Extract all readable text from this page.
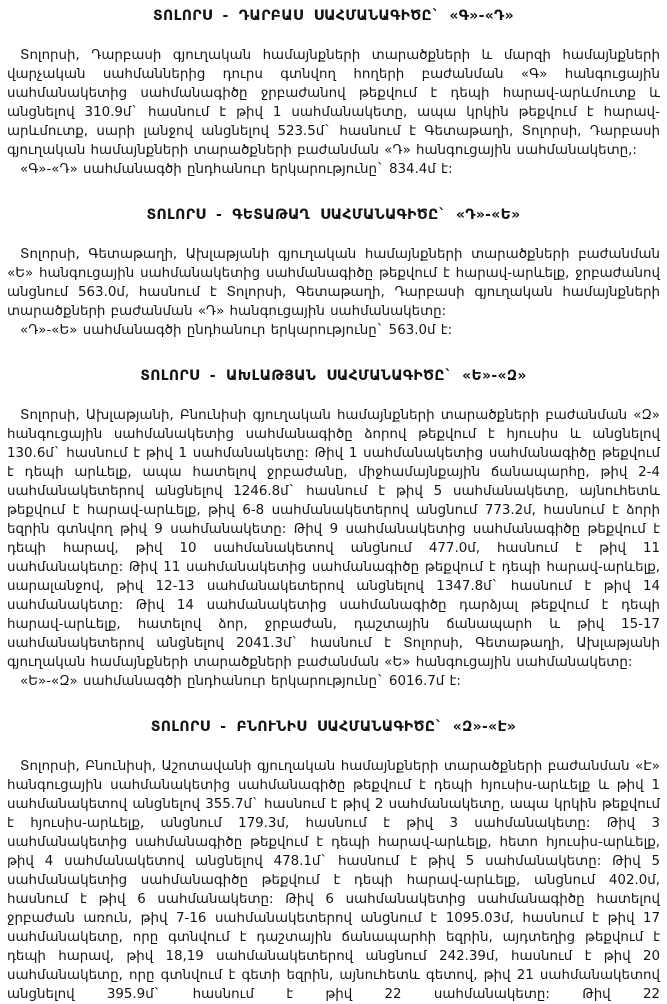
ՏՈԼՈՐՍ - ԴԱՐԲԱՍ ՍԱՀՄԱՆԱԳԻԾԸ` «Գ»-«Դ»

Տոլորսի, Դարբասի գյուղական համայնքների տարածքների և մարզի համայնքների վարչական սահմաններից դուրս գտնվող հողերի բաժանման «Գ» հանգուցային սահմանակետից սահմանագիծը ջրբաժանով թեքվում է դեպի հարավ-արևմուտք և անցնելով 310.9մ` հասնում է թիվ 1 սահմանակետը, ապա կրկին թեքվում է հարավ-արևմուտք, սարի լանջով անցնելով 523.5մ` հասնում է Գետաթաղի, Տոլորսի, Դարբասի գյուղական համայնքների տարածքների բաժանման «Դ» հանգուցային սահմանակետը,:

«Գ»-«Դ» սահմանագծի ընդհանուր երկարությունը` 834.4մ է:

ՏՈԼՈՐՍ - ԳԵՏԱԹԱՂ ՍԱՀՄԱՆԱԳԻԾԸ` «Դ»-«Ե»

Տոլորսի, Գետաթաղի, Ախլաթյանի գյուղական համայնքների տարածքների բաժանման «Ե» հանգուցային սահմանակետից սահմանագիծը թեքվում է հարավ-արևելք, ջրբաժանով անցնում 563.0մ, հասնում է Տոլորսի, Գետաթաղի, Դարբասի գյուղական համայնքների տարածքների բաժանման «Դ» հանգուցային սահմանակետը:

«Դ»-«Ե» սահմանագծի ընդհանուր երկարությունը` 563.0մ է:

ՏՈԼՈՐՍ - ԱԽԼԱԹՅԱՆ ՍԱՀՄԱՆԱԳԻԾԸ` «Ե»-«Զ»

Տոլորսի, Ախլաթյանի, Բնունիսի գյուղական համայնքների տարածքների բաժանման «Զ» հանգուցային սահմանակետից սահմանագիծը ձորով թեքվում է հյուսիս և անցնելով 130.6մ` հասնում է թիվ 1 սահմանակետը: Թիվ 1 սահմանակետից սահմանագիծը թեքվում է դեպի արևելք, ապա հատելով ջրբաժանը, միջհամայնքային ճանապարհը, թիվ 2-4 սահմանակետերով անցնելով 1246.8մ` հասնում է թիվ 5 սահմանակետը, այնուհետև թեքվում է հարավ-արևելք, թիվ 6-8 սահմանակետերով անցնում 773.2մ, հասնում է ձորի եզրին գտնվող թիվ 9 սահմանակետը: Թիվ 9 սահմանակետից սահմանագիծը թեքվում է դեպի հարավ, թիվ 10 սահմանակետով անցնում 477.0մ, հասնում է թիվ 11 սահմանակետը: Թիվ 11 սահմանակետից սահմանագիծը թեքվում է դեպի հարավ-արևելք, սարալանջով, թիվ 12-13 սահմանակետերով անցնելով 1347.8մ` հասնում է թիվ 14 սահմանակետը: Թիվ 14 սահմանակետից սահմանագիծը դարձյալ թեքվում է դեպի հարավ-արևելք, հատելով ձոր, ջրբաժան, դաշտային ճանապարհ և թիվ 15-17 սահմանակետերով անցնելով 2041.3մ` հասնում է Տոլորսի, Գետաթաղի, Ախլաթյանի գյուղական համայնքների տարածքների բաժանման «Ե» հանգուցային սահմանակետը:

«Ե»-«Զ» սահմանագծի ընդհանուր երկարությունը` 6016.7մ է:

ՏՈԼՈՐՍ - ԲՆՈՒՆԻՍ ՍԱՀՄԱՆԱԳԻԾԸ` «Զ»-«Է»

Տոլորսի, Բնունիսի, Աշոտավանի գյուղական համայնքների տարածքների բաժանման «Է» հանգուցային սահմանակետից սահմանագիծը թեքվում է դեպի հյուսիս-արևելք և թիվ 1 սահմանակետով անցնելով 355.7մ` հասնում է թիվ 2 սահմանակետը, ապա կրկին թեքվում է հյուսիս-արևելք, անցնում 179.3մ, հասնում է թիվ 3 սահմանակետը: Թիվ 3 սահմանակետից սահմանագիծը թեքվում է դեպի հարավ-արևելք, հետո հյուսիս-արևելք, թիվ 4 սահմանակետով անցնելով 478.1մ` հասնում է թիվ 5 սահմանակետը: Թիվ 5 սահմանակետից սահմանագիծը թեքվում է դեպի հարավ-արևելք, անցնում 402.0մ, հասնում է թիվ 6 սահմանակետը: Թիվ 6 սահմանակետից սահմանագիծը հատելով ջրբաժան առուն, թիվ 7-16 սահմանակետերով անցնում է 1095.03մ, հասնում է թիվ 17 սահմանակետը, որը գտնվում է դաշտային ճանապարհի եզրին, այդտեղից թեքվում է դեպի հարավ, թիվ 18,19 սահմանակետերով անցնում 242.39մ, հասնում է թիվ 20 սահմանակետը, որը գտնվում է գետի եզրին, այնուհետև գետով, թիվ 21 սահմանակետով անցնելով 395.9մ` հասնում է թիվ 22 սահմանակետը: Թիվ 22
